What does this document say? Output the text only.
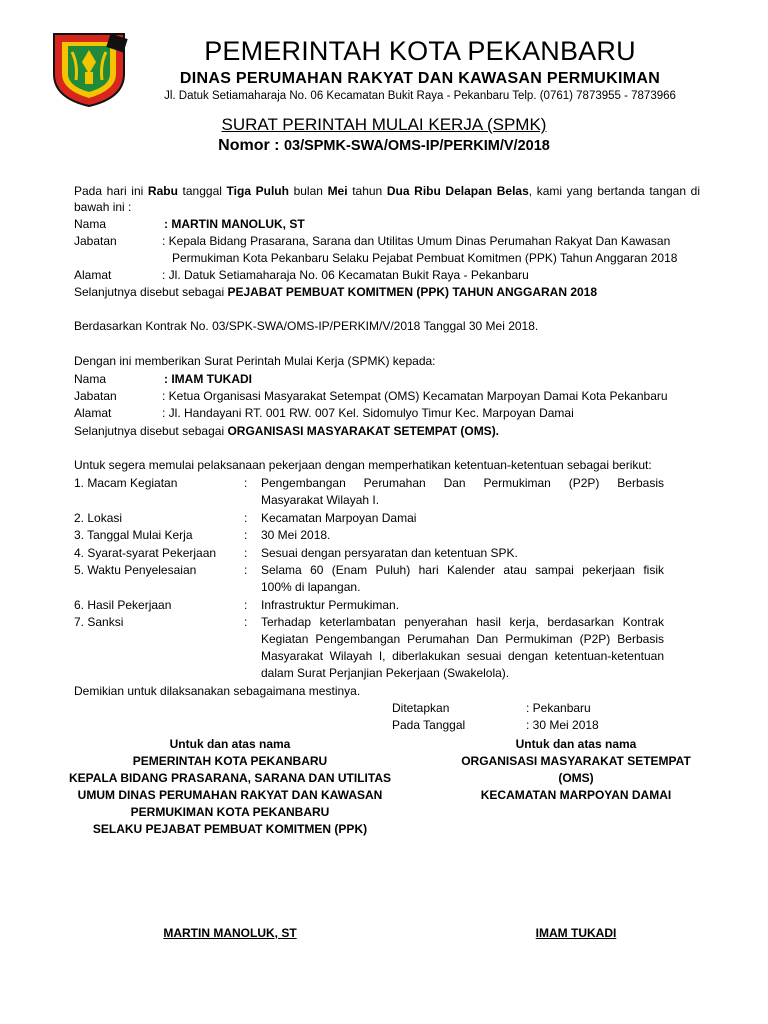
PEMERINTAH KOTA PEKANBARU
DINAS PERUMAHAN RAKYAT DAN KAWASAN PERMUKIMAN
Jl. Datuk Setiamaharaja No. 06 Kecamatan Bukit Raya - Pekanbaru Telp. (0761) 7873955 - 7873966
SURAT PERINTAH MULAI KERJA (SPMK)
Nomor : 03/SPMK-SWA/OMS-IP/PERKIM/V/2018
Pada hari ini Rabu tanggal Tiga Puluh bulan Mei tahun Dua Ribu Delapan Belas, kami yang bertanda tangan di
bawah ini :
Nama	: MARTIN MANOLUK, ST
Jabatan	: Kepala Bidang Prasarana, Sarana dan Utilitas Umum Dinas Perumahan Rakyat Dan Kawasan
Permukiman Kota Pekanbaru Selaku Pejabat Pembuat Komitmen (PPK) Tahun Anggaran 2018
Alamat	: Jl. Datuk Setiamaharaja No. 06 Kecamatan Bukit Raya - Pekanbaru
Selanjutnya disebut sebagai PEJABAT PEMBUAT KOMITMEN (PPK) TAHUN ANGGARAN 2018
Berdasarkan Kontrak No. 03/SPK-SWA/OMS-IP/PERKIM/V/2018 Tanggal 30 Mei 2018.
Dengan ini memberikan Surat Perintah Mulai Kerja (SPMK) kepada:
Nama	: IMAM TUKADI
Jabatan	: Ketua Organisasi Masyarakat Setempat (OMS) Kecamatan Marpoyan Damai Kota Pekanbaru
Alamat	: Jl. Handayani RT. 001 RW. 007 Kel. Sidomulyo Timur Kec. Marpoyan Damai
Selanjutnya disebut sebagai ORGANISASI MASYARAKAT SETEMPAT (OMS).
Untuk segera memulai pelaksanaan pekerjaan dengan memperhatikan ketentuan-ketentuan sebagai berikut:
1. Macam Kegiatan	: Pengembangan Perumahan Dan Permukiman (P2P) Berbasis
Masyarakat Wilayah I.
2. Lokasi	: Kecamatan Marpoyan Damai
3. Tanggal Mulai Kerja	: 30 Mei 2018.
4. Syarat-syarat Pekerjaan : Sesuai dengan persyaratan dan ketentuan SPK.
5. Waktu Penyelesaian	: Selama 60 (Enam Puluh) hari Kalender atau sampai pekerjaan fisik
100% di lapangan.
6. Hasil Pekerjaan	: Infrastruktur Permukiman.
7. Sanksi	: Terhadap keterlambatan penyerahan hasil kerja, berdasarkan Kontrak
Kegiatan Pengembangan Perumahan Dan Permukiman (P2P) Berbasis
Masyarakat Wilayah I, diberlakukan sesuai dengan ketentuan-ketentuan
dalam Surat Perjanjian Pekerjaan (Swakelola).
Demikian untuk dilaksanakan sebagaimana mestinya.
Ditetapkan	: Pekanbaru
Pada Tanggal	: 30 Mei 2018
Untuk dan atas nama
PEMERINTAH KOTA PEKANBARU
KEPALA BIDANG PRASARANA, SARANA DAN UTILITAS
UMUM DINAS PERUMAHAN RAKYAT DAN KAWASAN
PERMUKIMAN KOTA PEKANBARU
SELAKU PEJABAT PEMBUAT KOMITMEN (PPK)
Untuk dan atas nama
ORGANISASI MASYARAKAT SETEMPAT
(OMS)
KECAMATAN MARPOYAN DAMAI
MARTIN MANOLUK, ST	IMAM TUKADI
